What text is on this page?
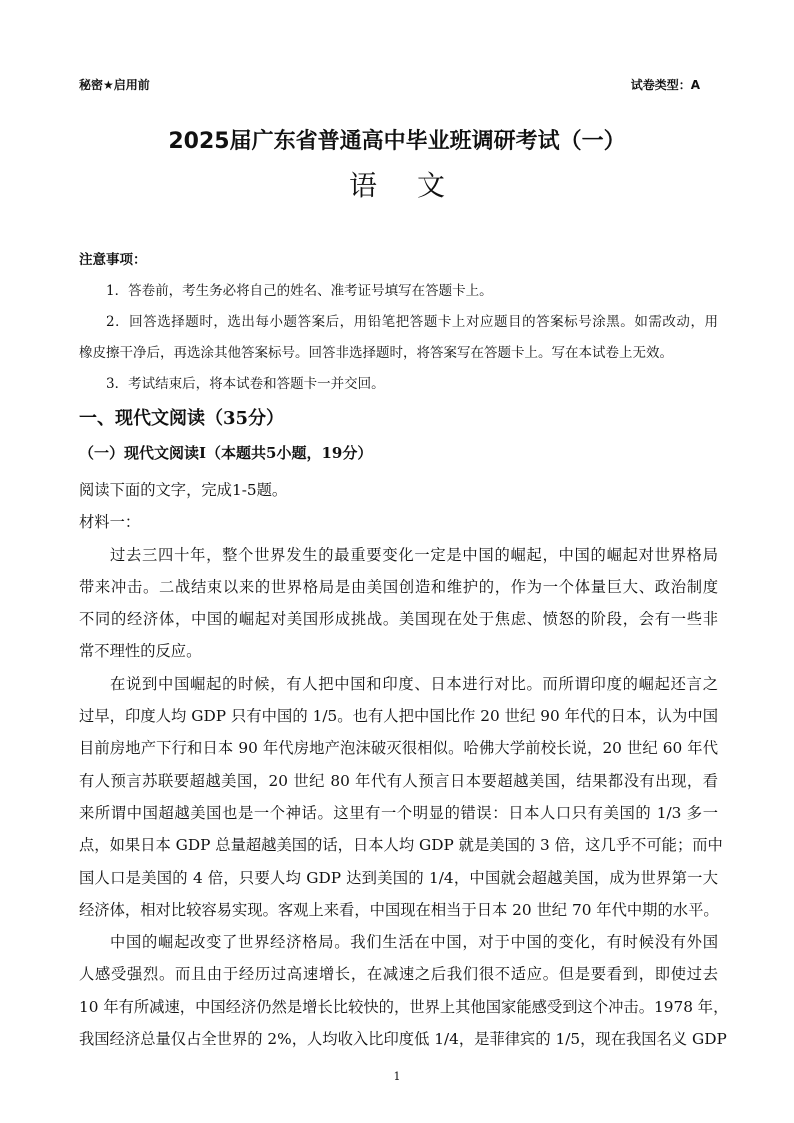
秘密★启用前	试卷类型：A
2025届广东省普通高中毕业班调研考试（一）
语文
注意事项：
1．答卷前，考生务必将自己的姓名、准考证号填写在答题卡上。
2．回答选择题时，选出每小题答案后，用铅笔把答题卡上对应题目的答案标号涂黑。如需改动，用
橡皮擦干净后，再选涂其他答案标号。回答非选择题时，将答案写在答题卡上。写在本试卷上无效。
3．考试结束后，将本试卷和答题卡一并交回。
一、现代文阅读（35分）
（一）现代文阅读Ⅰ（本题共5小题，19分）
阅读下面的文字，完成1-5题。
材料一：
过去三四十年，整个世界发生的最重要变化一定是中国的崛起，中国的崛起对世界格局
带来冲击。二战结束以来的世界格局是由美国创造和维护的，作为一个体量巨大、政治制度
不同的经济体，中国的崛起对美国形成挑战。美国现在处于焦虑、愤怒的阶段，会有一些非
常不理性的反应。
在说到中国崛起的时候，有人把中国和印度、日本进行对比。而所谓印度的崛起还言之
过早，印度人均 GDP 只有中国的 1/5。也有人把中国比作 20 世纪 90 年代的日本，认为中国
目前房地产下行和日本 90 年代房地产泡沫破灭很相似。哈佛大学前校长说，20 世纪 60 年代
有人预言苏联要超越美国，20 世纪 80 年代有人预言日本要超越美国，结果都没有出现，看
来所谓中国超越美国也是一个神话。这里有一个明显的错误：日本人口只有美国的 1/3 多一
点，如果日本 GDP 总量超越美国的话，日本人均 GDP 就是美国的 3 倍，这几乎不可能；而中
国人口是美国的 4 倍，只要人均 GDP 达到美国的 1/4，中国就会超越美国，成为世界第一大
经济体，相对比较容易实现。客观上来看，中国现在相当于日本 20 世纪 70 年代中期的水平。
中国的崛起改变了世界经济格局。我们生活在中国，对于中国的变化，有时候没有外国
人感受强烈。而且由于经历过高速增长，在减速之后我们很不适应。但是要看到，即使过去
10 年有所减速，中国经济仍然是增长比较快的，世界上其他国家能感受到这个冲击。1978 年，
我国经济总量仅占全世界的 2%，人均收入比印度低 1/4，是菲律宾的 1/5，现在我国名义 GDP
1
